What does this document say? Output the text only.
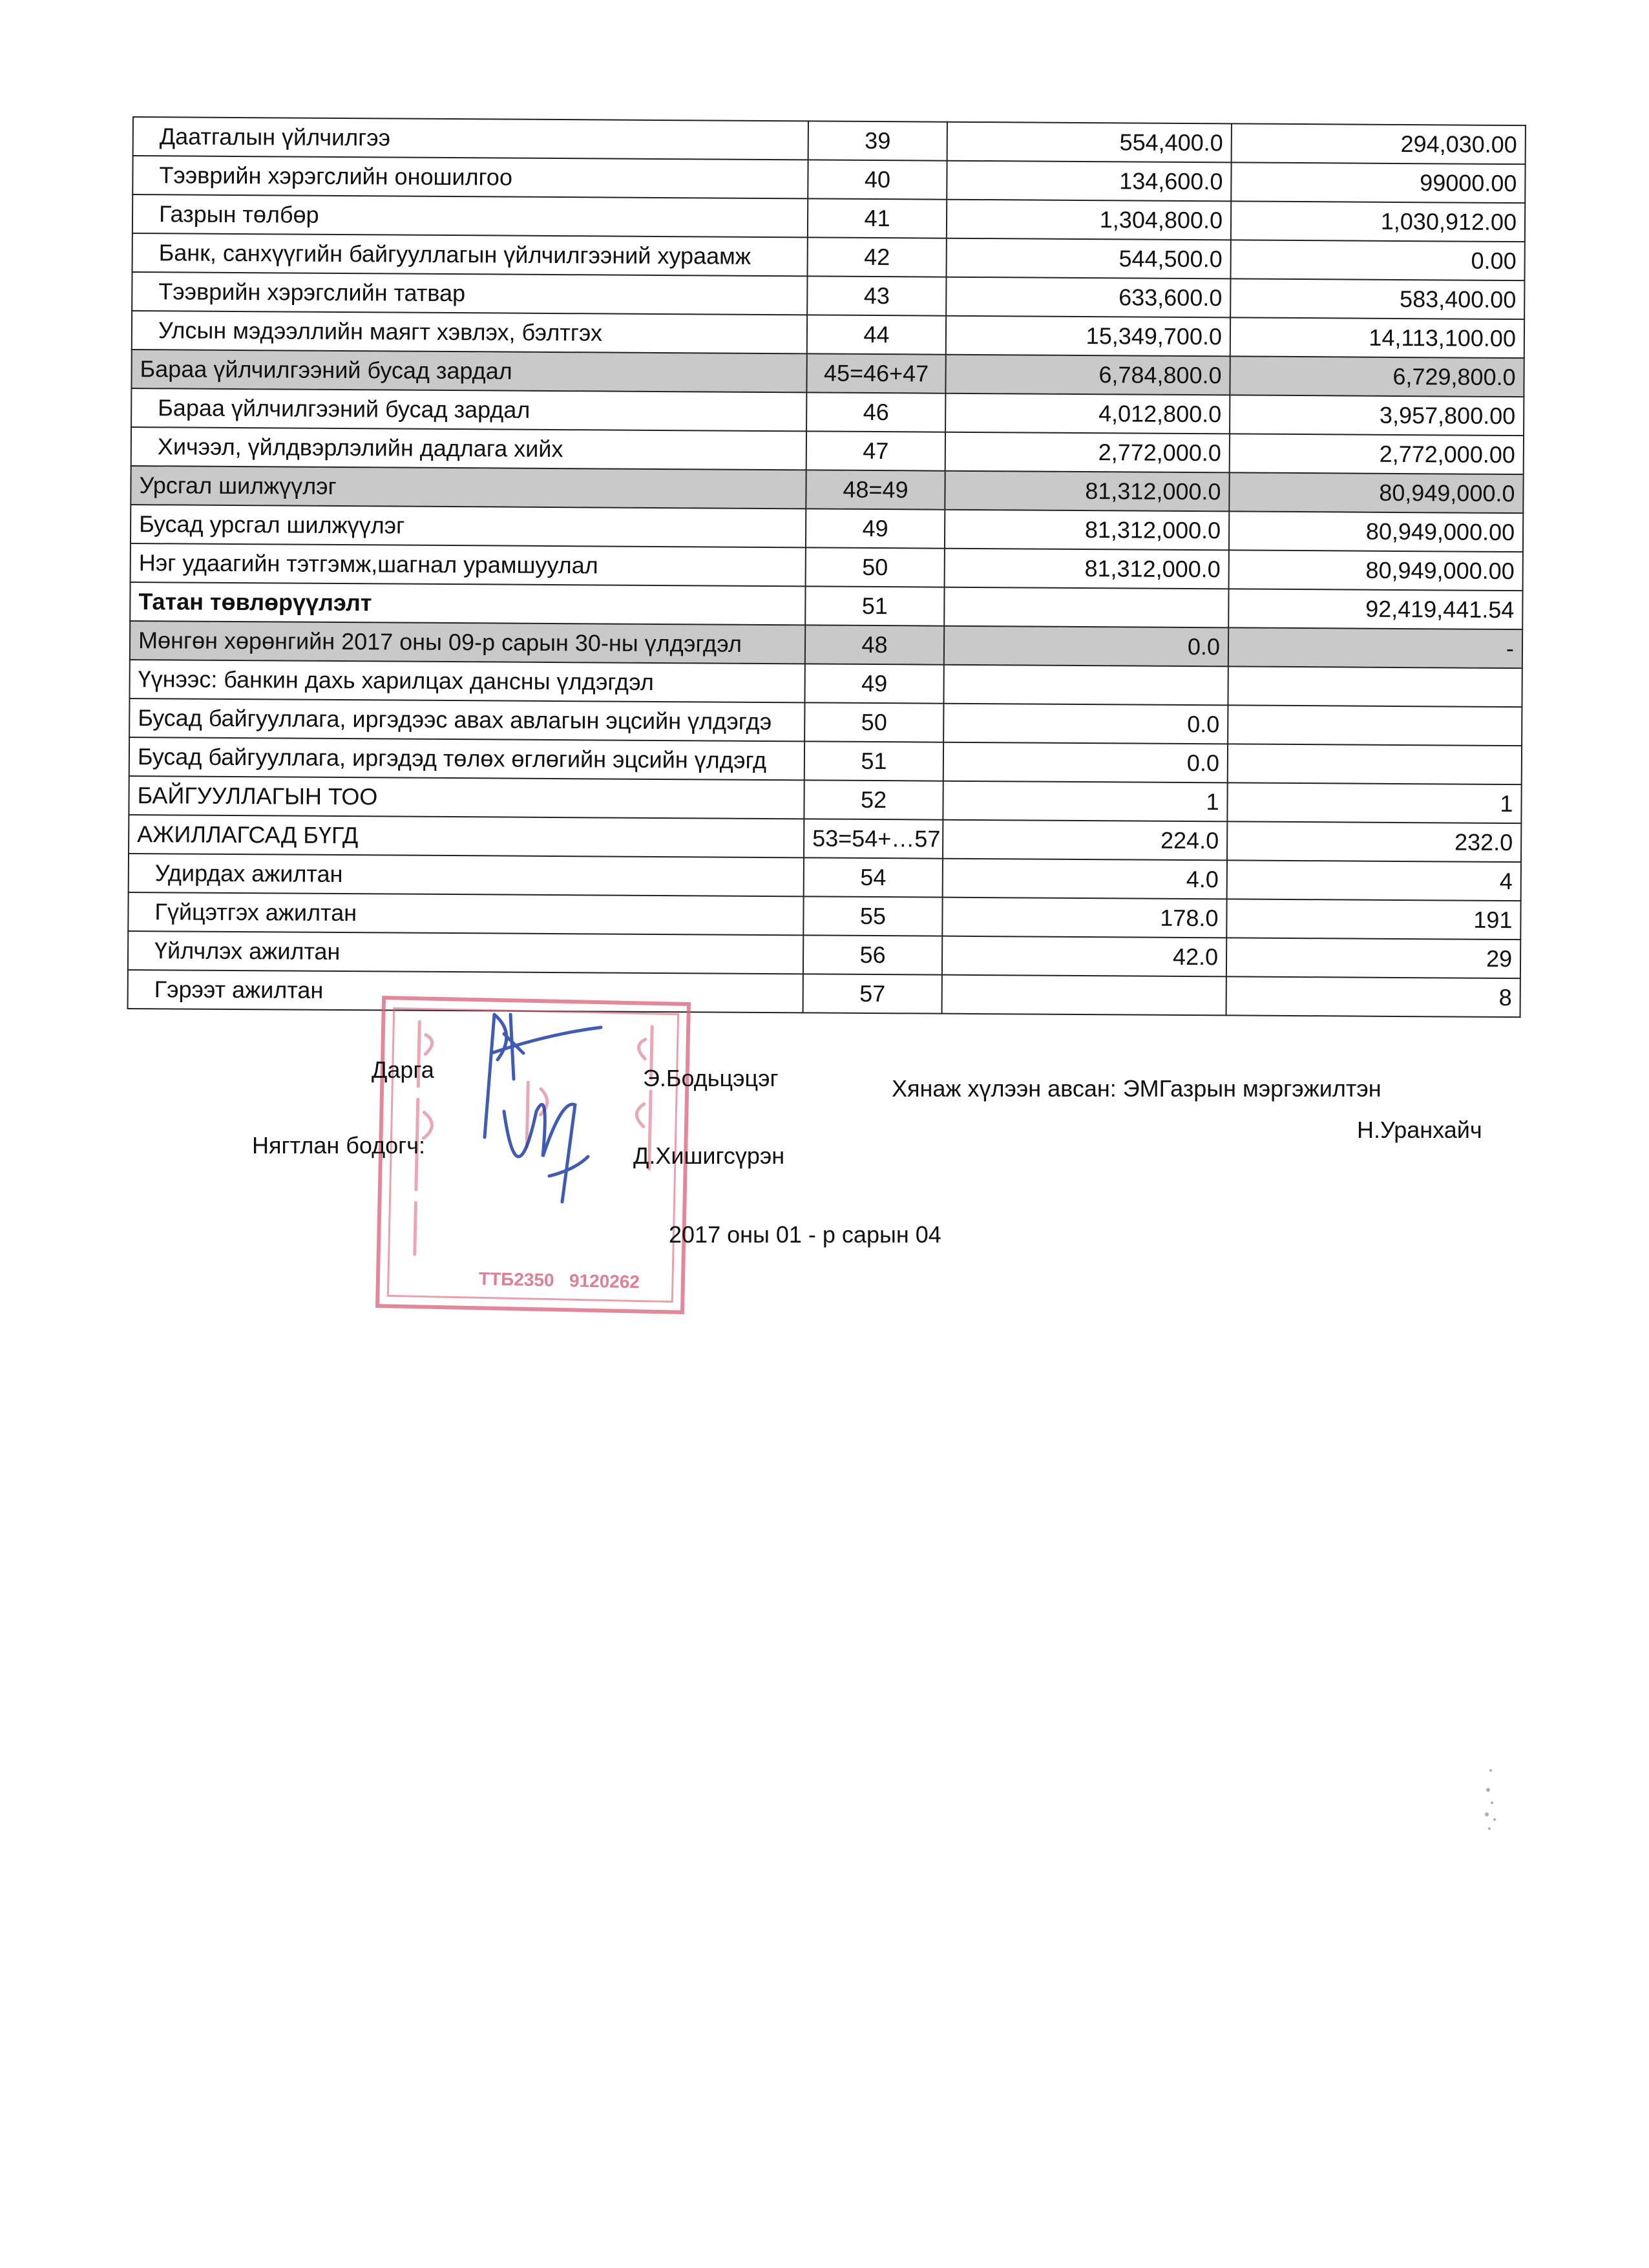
Даатгалын үйлчилгээ	39	554,400.0	294,030.00
Тээврийн хэрэгслийн оношилгоо	40	134,600.0	99000.00
Газрын төлбөр	41	1,304,800.0	1,030,912.00
Банк, санхүүгийн байгууллагын үйлчилгээний хураамж	42	544,500.0	0.00
Тээврийн хэрэгслийн татвар	43	633,600.0	583,400.00
Улсын мэдээллийн маягт хэвлэх, бэлтгэх	44	15,349,700.0	14,113,100.00
Бараа үйлчилгээний бусад зардал	45=46+47	6,784,800.0	6,729,800.0
Бараа үйлчилгээний бусад зардал	46	4,012,800.0	3,957,800.00
Хичээл, үйлдвэрлэлийн дадлага хийх	47	2,772,000.0	2,772,000.00
Урсгал шилжүүлэг	48=49	81,312,000.0	80,949,000.0
Бусад урсгал шилжүүлэг	49	81,312,000.0	80,949,000.00
Нэг удаагийн тэтгэмж,шагнал урамшуулал	50	81,312,000.0	80,949,000.00
Татан төвлөрүүлэлт	51		92,419,441.54
Мөнгөн хөрөнгийн 2017 оны 09-р сарын 30-ны үлдэгдэл	48	0.0	-
Үүнээс: банкин дахь харилцах дансны үлдэгдэл	49		
Бусад байгууллага, иргэдээс авах авлагын эцсийн үлдэгдэ	50	0.0	
Бусад байгууллага, иргэдэд төлөх өглөгийн эцсийн үлдэгд	51	0.0	
БАЙГУУЛЛАГЫН ТОО	52	1	1
АЖИЛЛАГСАД БҮГД	53=54+…57	224.0	232.0
Удирдах ажилтан	54	4.0	4
Гүйцэтгэх ажилтан	55	178.0	191
Үйлчлэх ажилтан	56	42.0	29
Гэрээт ажилтан	57		8
ТТБ2350 9120262
Дарга	Э.Бодьцэцэг	Хянаж хүлээн авсан: ЭМГазрын мэргэжилтэн
Н.Уранхайч
Нягтлан бодогч:	Д.Хишигсүрэн
2017 оны 01 - р сарын 04
